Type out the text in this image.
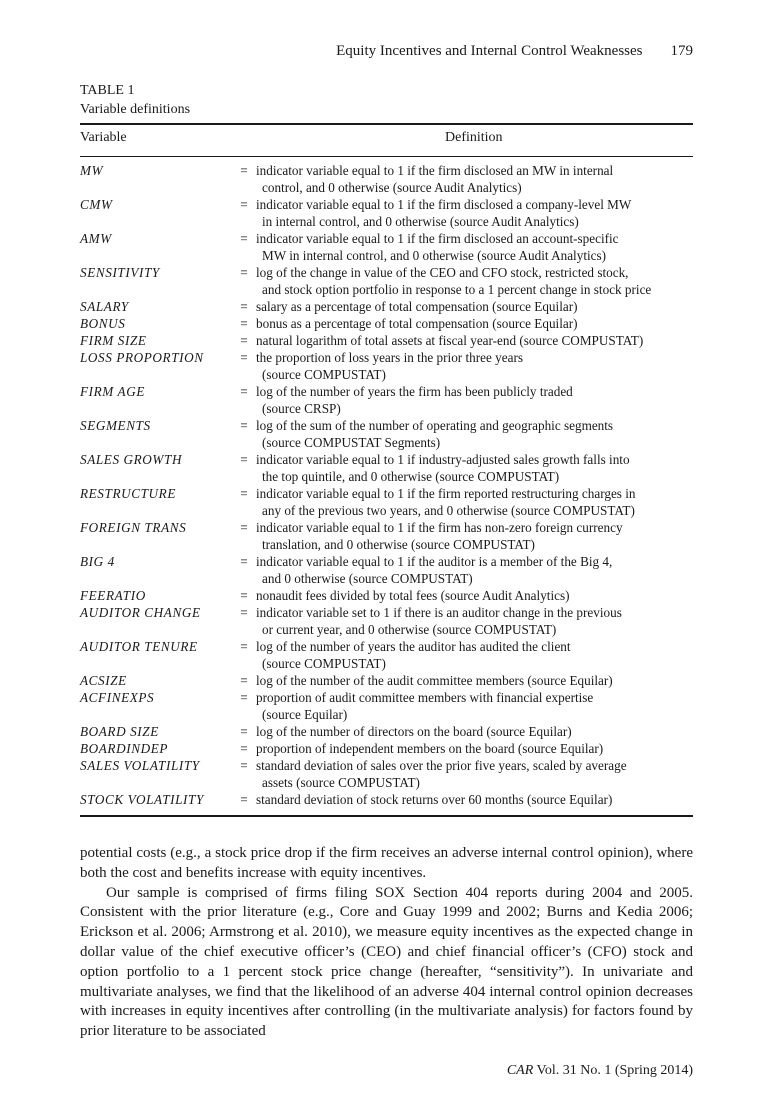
Equity Incentives and Internal Control Weaknesses 179
TABLE 1
Variable definitions
Variable	Definition
MW	=	indicator variable equal to 1 if the firm disclosed an MW in internal
control, and 0 otherwise (source Audit Analytics)

CMW	=	indicator variable equal to 1 if the firm disclosed a company-level MW
in internal control, and 0 otherwise (source Audit Analytics)

AMW	=	indicator variable equal to 1 if the firm disclosed an account-specific
MW in internal control, and 0 otherwise (source Audit Analytics)

SENSITIVITY	=	log of the change in value of the CEO and CFO stock, restricted stock,
and stock option portfolio in response to a 1 percent change in stock price

SALARY	=	salary as a percentage of total compensation (source Equilar)

BONUS	=	bonus as a percentage of total compensation (source Equilar)

FIRM SIZE	=	natural logarithm of total assets at fiscal year-end (source COMPUSTAT)

LOSS PROPORTION	=	the proportion of loss years in the prior three years
(source COMPUSTAT)

FIRM AGE	=	log of the number of years the firm has been publicly traded
(source CRSP)

SEGMENTS	=	log of the sum of the number of operating and geographic segments
(source COMPUSTAT Segments)

SALES GROWTH	=	indicator variable equal to 1 if industry-adjusted sales growth falls into
the top quintile, and 0 otherwise (source COMPUSTAT)

RESTRUCTURE	=	indicator variable equal to 1 if the firm reported restructuring charges in
any of the previous two years, and 0 otherwise (source COMPUSTAT)

FOREIGN TRANS	=	indicator variable equal to 1 if the firm has non-zero foreign currency
translation, and 0 otherwise (source COMPUSTAT)

BIG 4	=	indicator variable equal to 1 if the auditor is a member of the Big 4,
and 0 otherwise (source COMPUSTAT)

FEERATIO	=	nonaudit fees divided by total fees (source Audit Analytics)

AUDITOR CHANGE	=	indicator variable set to 1 if there is an auditor change in the previous
or current year, and 0 otherwise (source COMPUSTAT)

AUDITOR TENURE	=	log of the number of years the auditor has audited the client
(source COMPUSTAT)

ACSIZE	=	log of the number of the audit committee members (source Equilar)

ACFINEXPS	=	proportion of audit committee members with financial expertise
(source Equilar)

BOARD SIZE	=	log of the number of directors on the board (source Equilar)

BOARDINDEP	=	proportion of independent members on the board (source Equilar)

SALES VOLATILITY	=	standard deviation of sales over the prior five years, scaled by average
assets (source COMPUSTAT)

STOCK VOLATILITY	=	standard deviation of stock returns over 60 months (source Equilar)

potential costs (e.g., a stock price drop if the firm receives an adverse internal control opinion), where both the cost and benefits increase with equity incentives.

Our sample is comprised of firms filing SOX Section 404 reports during 2004 and 2005. Consistent with the prior literature (e.g., Core and Guay 1999 and 2002; Burns and Kedia 2006; Erickson et al. 2006; Armstrong et al. 2010), we measure equity incentives as the expected change in dollar value of the chief executive officer’s (CEO) and chief financial officer’s (CFO) stock and option portfolio to a 1 percent stock price change (hereafter, “sensitivity”). In univariate and multivariate analyses, we find that the likelihood of an adverse 404 internal control opinion decreases with increases in equity incentives after controlling (in the multivariate analysis) for factors found by prior literature to be associated

CAR Vol. 31 No. 1 (Spring 2014)
